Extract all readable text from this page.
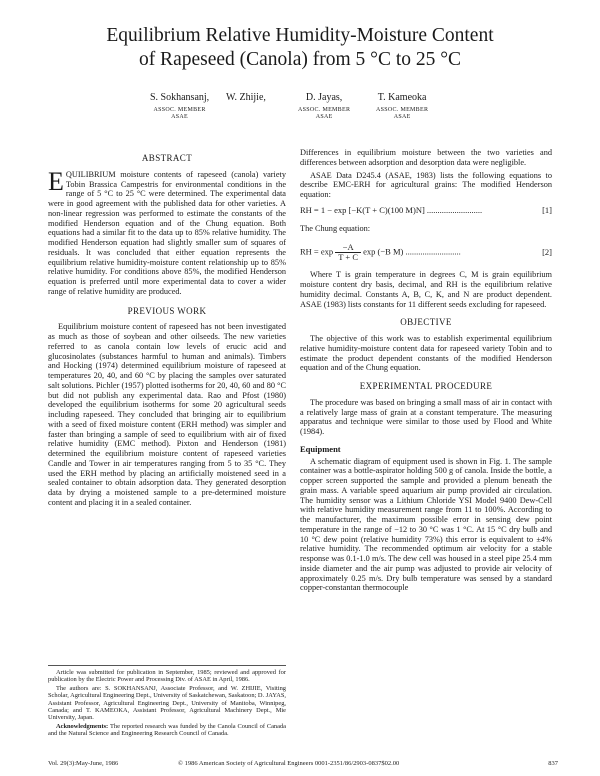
Equilibrium Relative Humidity-Moisture Content
of Rapeseed (Canola) from 5 °C to 25 °C
S. Sokhansanj,
ASSOC. MEMBER
ASAE
W. Zhijie,	D. Jayas,
ASSOC. MEMBER
ASAE
T. Kameoka
ASSOC. MEMBER
ASAE
ABSTRACT

EQUILIBRIUM moisture contents of rapeseed (canola) variety Tobin Brassica Campestris for environmental conditions in the range of 5 °C to 25 °C were determined. The experimental data were in good agreement with the published data for other varieties. A non-linear regression was performed to estimate the constants of the modified Henderson equation and of the Chung equation. Both equations had a similar fit to the data up to 85% relative humidity. The modified Henderson equation had slightly smaller sum of squares of residuals. It was concluded that either equation represents the equilibrium relative humidity-moisture content relationship up to 85% relative humidity. For conditions above 85%, the modified Henderson equation is preferred until more experimental data to cover a wider range of relative humidity are produced.

PREVIOUS WORK

Equilibrium moisture content of rapeseed has not been investigated as much as those of soybean and other oilseeds. The new varieties referred to as canola contain low levels of erucic acid and glucosinolates (substances harmful to human and animals). Timbers and Hocking (1974) determined equilibrium moisture of rapeseed at temperatures 20, 40, and 60 °C by placing the samples over saturated salt solutions. Pichler (1957) plotted isotherms for 20, 40, 60 and 80 °C but did not publish any experimental data. Rao and Pfost (1980) developed the equilibrium isotherms for some 20 agricultural seeds including rapeseed. They concluded that bringing air to equilibrium with a seed of fixed moisture content (ERH method) was simpler and faster than bringing a sample of seed to equilibrium with air of fixed relative humidity (EMC method). Pixton and Henderson (1981) determined the equilibrium moisture content of rapeseed varieties Candle and Tower in air temperatures ranging from 5 to 35 °C. They used the ERH method by placing an artificially moistened seed in a sealed container to obtain adsorption data. They generated desorption data by drying a moistened sample to a pre-determined moisture content and placing it in a sealed container.

Differences in equilibrium moisture between the two varieties and differences between adsorption and desorption data were negligible.

ASAE Data D245.4 (ASAE, 1983) lists the following equations to describe EMC-ERH for agricultural grains: The modified Henderson equation:

[1]
RH = 1 − exp [−K(T + C)(100 M)N] ..........................

The Chung equation:

[2]
RH = $\exp \frac{-A}{T + C}$ exp (−B M) ..........................

Where T is grain temperature in degrees C, M is grain equilibrium moisture content dry basis, decimal, and RH is the equilibrium relative humidity decimal. Constants A, B, C, K, and N are product dependent. ASAE (1983) lists constants for 11 different seeds excluding for rapeseed.

OBJECTIVE

The objective of this work was to establish experimental equilibrium relative humidity-moisture content data for rapeseed variety Tobin and to estimate the product dependent constants of the modified Henderson equation and of the Chung equation.

EXPERIMENTAL PROCEDURE

The procedure was based on bringing a small mass of air in contact with a relatively large mass of grain at a constant temperature. The measuring apparatus and technique were similar to those used by Flood and White (1984).

Equipment

A schematic diagram of equipment used is shown in Fig. 1. The sample container was a bottle-aspirator holding 500 g of canola. Inside the bottle, a copper screen supported the sample and provided a plenum beneath the grain mass. A variable speed aquarium air pump provided air circulation. The humidity sensor was a Lithium Chloride YSI Model 9400 Dew-Cell with relative humidity measurement range from 11 to 100%. According to the manufacturer, the maximum possible error in sensing dew point temperature in the range of −12 to 30 °C was 1 °C. At 15 °C dry bulb and 10 °C dew point (relative humidity 73%) this error is equivalent to ±4% relative humidity. The recommended optimum air velocity for a stable response was 0.1-1.0 m/s. The dew cell was housed in a steel pipe 25.4 mm inside diameter and the air pump was adjusted to provide air velocity of approximately 0.25 m/s. Dry bulb temperature was sensed by a standard copper-constantan thermocouple

Article was submitted for publication in September, 1985; reviewed and approved for publication by the Electric Power and Processing Div. of ASAE in April, 1986.

The authors are: S. SOKHANSANJ, Associate Professor, and W. ZHIJIE, Visiting Scholar, Agricultural Engineering Dept., University of Saskatchewan, Saskatoon; D. JAYAS, Assistant Professor, Agricultural Engineering Dept., University of Manitoba, Winnipeg, Canada; and T. KAMEOKA, Assistant Professor, Agricultural Machinery Dept., Mie University, Japan.

Acknowledgments: The reported research was funded by the Canola Council of Canada and the Natural Science and Engineering Research Council of Canada.

Vol. 29(3):May-June, 1986	© 1986 American Society of Agricultural Engineers 0001-2351/86/2903-0837$02.00	837
